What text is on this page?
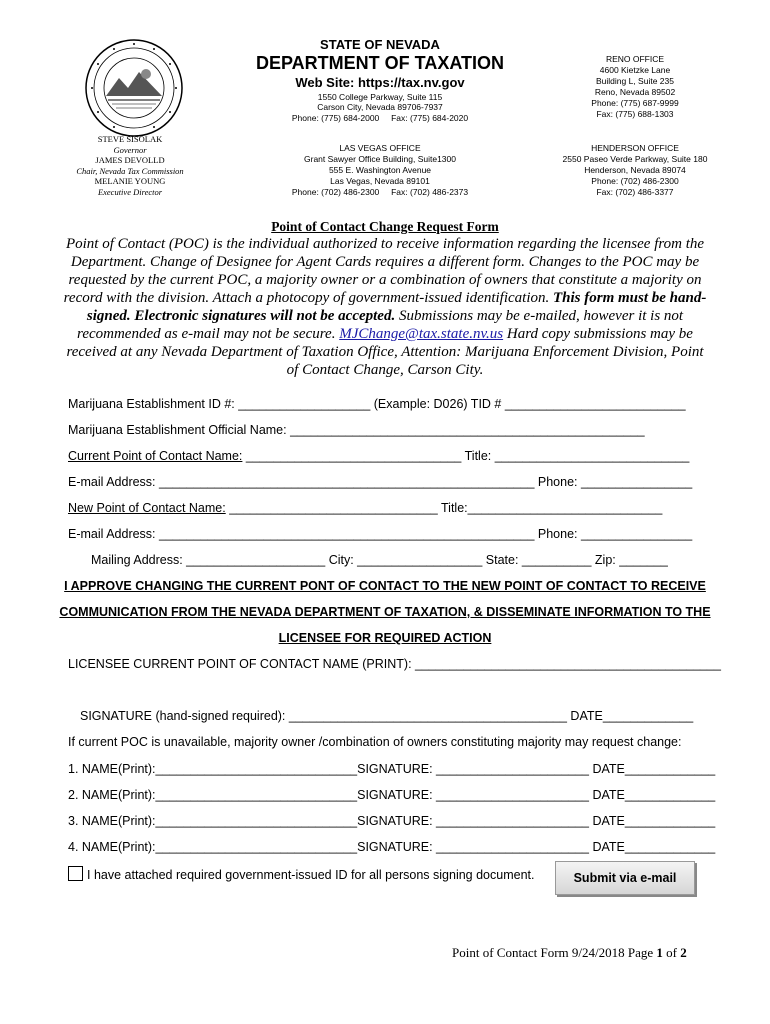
STATE OF NEVADA
DEPARTMENT OF TAXATION
Web Site: https://tax.nv.gov
1550 College Parkway, Suite 115
Carson City, Nevada 89706-7937
Phone: (775) 684-2000     Fax: (775) 684-2020
RENO OFFICE
4600 Kietzke Lane
Building L, Suite 235
Reno, Nevada 89502
Phone: (775) 687-9999
Fax: (775) 688-1303
LAS VEGAS OFFICE
Grant Sawyer Office Building, Suite1300
555 E. Washington Avenue
Las Vegas, Nevada 89101
Phone: (702) 486-2300     Fax: (702) 486-2373
HENDERSON OFFICE
2550 Paseo Verde Parkway, Suite 180
Henderson, Nevada 89074
Phone: (702) 486-2300
Fax: (702) 486-3377
STEVE SISOLAK
Governor
JAMES DEVOLLD
Chair, Nevada Tax Commission
MELANIE YOUNG
Executive Director
Point of Contact Change Request Form
Point of Contact (POC) is the individual authorized to receive information regarding the licensee from the Department. Change of Designee for Agent Cards requires a different form. Changes to the POC may be requested by the current POC, a majority owner or a combination of owners that constitute a majority on record with the division. Attach a photocopy of government-issued identification. This form must be hand-signed. Electronic signatures will not be accepted. Submissions may be e-mailed, however it is not recommended as e-mail may not be secure. MJChange@tax.state.nv.us Hard copy submissions may be received at any Nevada Department of Taxation Office, Attention: Marijuana Enforcement Division, Point of Contact Change, Carson City.
Marijuana Establishment ID #: ___________________ (Example: D026) TID # __________________________
Marijuana Establishment Official Name: ___________________________________________________
Current Point of Contact Name: _______________________________ Title: ____________________________
E-mail Address: ______________________________________________________ Phone: ________________
New Point of Contact Name: ______________________________ Title:____________________________
E-mail Address: ______________________________________________________ Phone: ________________
Mailing Address: ____________________ City: __________________ State: __________ Zip: _______
I APPROVE CHANGING THE CURRENT PONT OF CONTACT TO THE NEW POINT OF CONTACT TO RECEIVE
COMMUNICATION FROM THE NEVADA DEPARTMENT OF TAXATION, & DISSEMINATE INFORMATION TO THE
LICENSEE FOR REQUIRED ACTION
LICENSEE CURRENT POINT OF CONTACT NAME (PRINT): ____________________________________________
SIGNATURE (hand-signed required): ________________________________________ DATE_____________
If current POC is unavailable, majority owner /combination of owners constituting majority may request change:
1. NAME(Print):_____________________________SIGNATURE: ______________________ DATE_____________
2. NAME(Print):_____________________________SIGNATURE: ______________________ DATE_____________
3. NAME(Print):_____________________________SIGNATURE: ______________________ DATE_____________
4. NAME(Print):_____________________________SIGNATURE: ______________________ DATE_____________
I have attached required government-issued ID for all persons signing document.	Submit via e-mail
Point of Contact Form 9/24/2018 Page 1 of 2
